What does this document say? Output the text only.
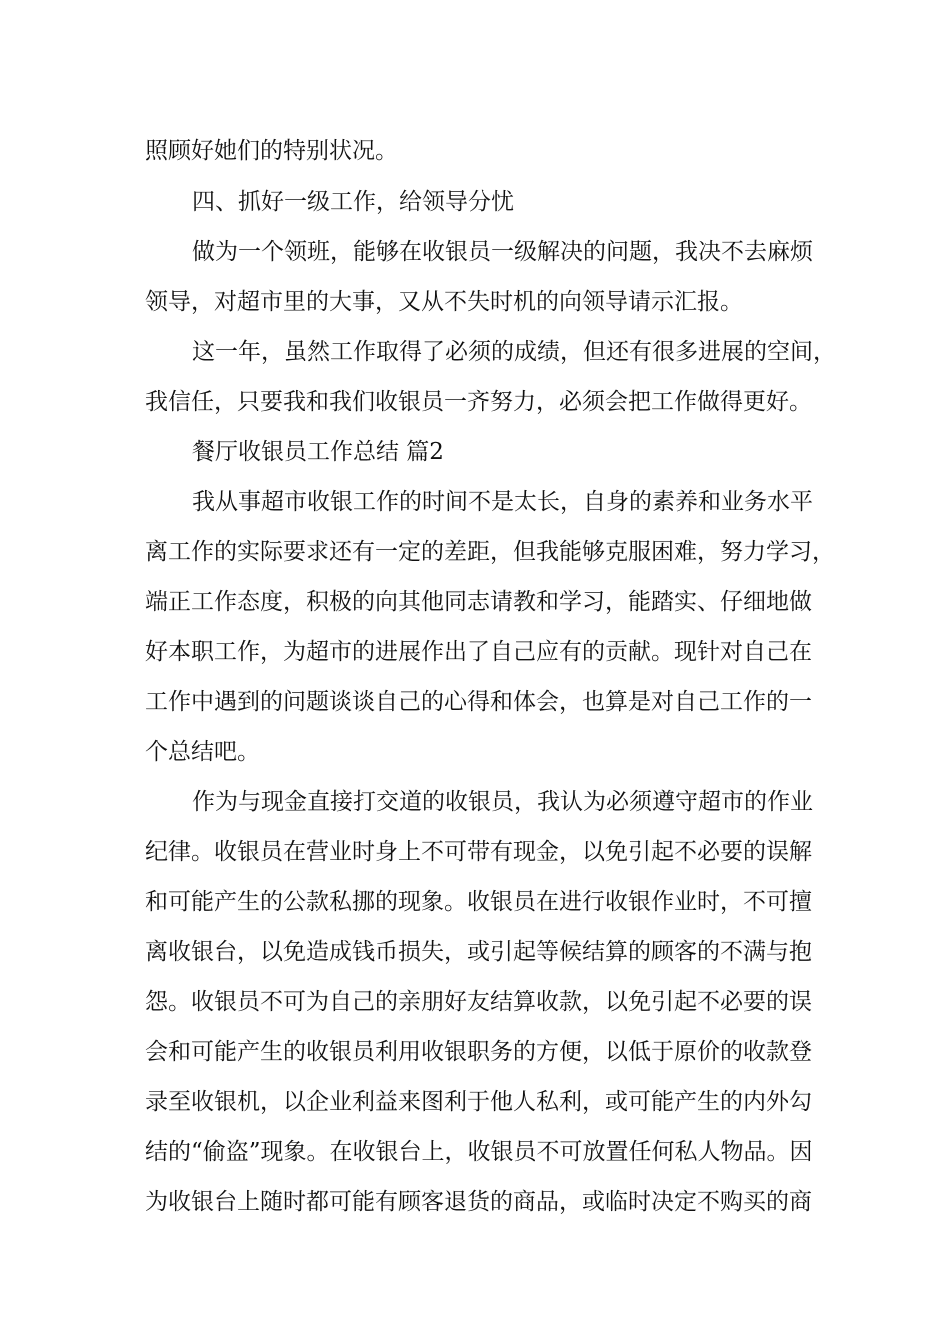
照顾好她们的特别状况。
四、抓好一级工作，给领导分忧
做为一个领班，能够在收银员一级解决的问题，我决不去麻烦
领导，对超市里的大事，又从不失时机的向领导请示汇报。
这一年，虽然工作取得了必须的成绩，但还有很多进展的空间，
我信任，只要我和我们收银员一齐努力，必须会把工作做得更好。
餐厅收银员工作总结 篇2
我从事超市收银工作的时间不是太长，自身的素养和业务水平
离工作的实际要求还有一定的差距，但我能够克服困难，努力学习，
端正工作态度，积极的向其他同志请教和学习，能踏实、仔细地做
好本职工作，为超市的进展作出了自己应有的贡献。现针对自己在
工作中遇到的问题谈谈自己的心得和体会，也算是对自己工作的一
个总结吧。
作为与现金直接打交道的收银员，我认为必须遵守超市的作业
纪律。收银员在营业时身上不可带有现金，以免引起不必要的误解
和可能产生的公款私挪的现象。收银员在进行收银作业时，不可擅
离收银台，以免造成钱币损失，或引起等候结算的顾客的不满与抱
怨。收银员不可为自己的亲朋好友结算收款，以免引起不必要的误
会和可能产生的收银员利用收银职务的方便，以低于原价的收款登
录至收银机，以企业利益来图利于他人私利，或可能产生的内外勾
结的“偷盗”现象。在收银台上，收银员不可放置任何私人物品。因
为收银台上随时都可能有顾客退货的商品，或临时决定不购买的商
